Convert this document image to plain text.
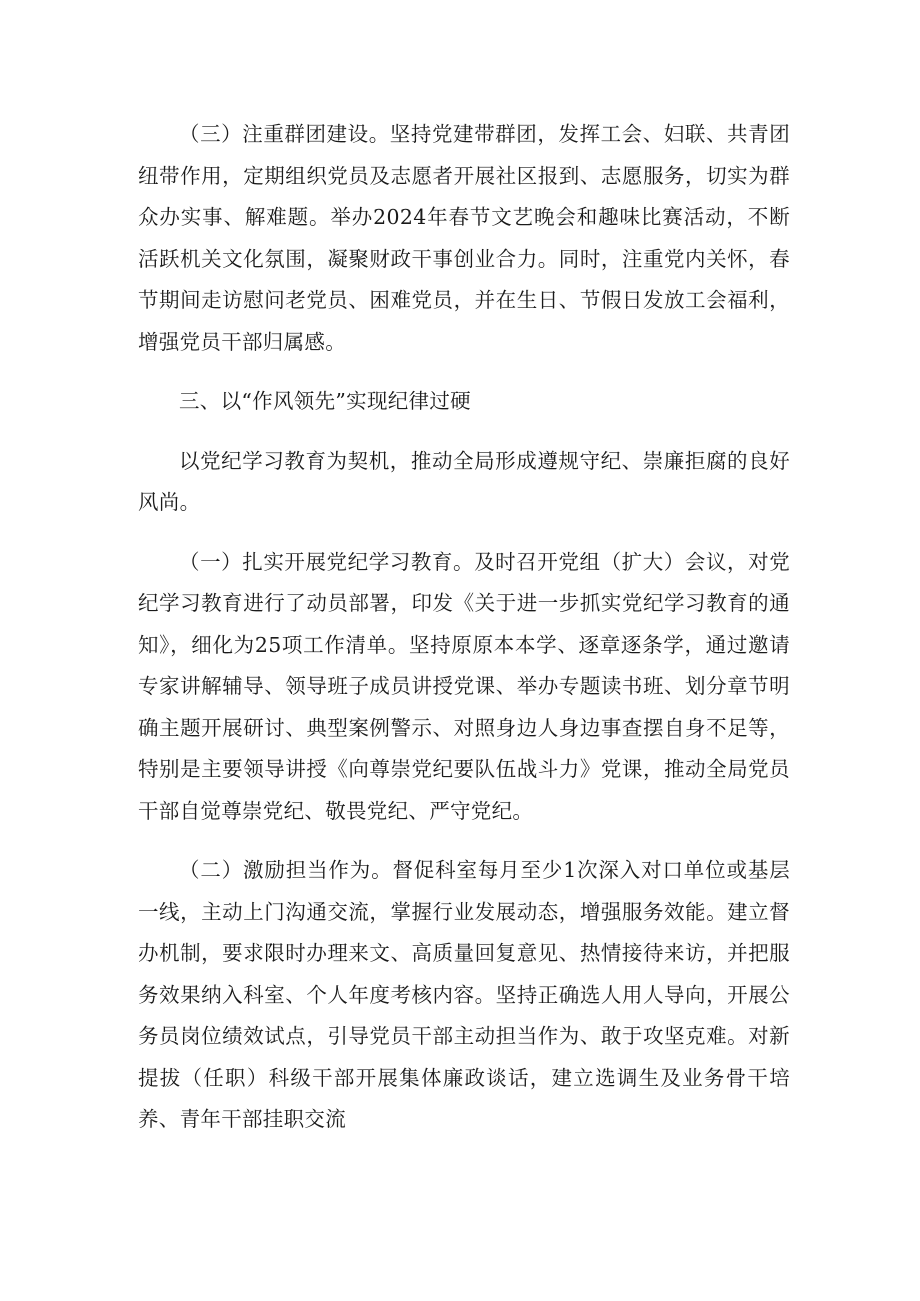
（三）注重群团建设。坚持党建带群团，发挥工会、妇联、共青团纽带作用，定期组织党员及志愿者开展社区报到、志愿服务，切实为群众办实事、解难题。举办2024年春节文艺晚会和趣味比赛活动，不断活跃机关文化氛围，凝聚财政干事创业合力。同时，注重党内关怀，春节期间走访慰问老党员、困难党员，并在生日、节假日发放工会福利，增强党员干部归属感。

三、以“作风领先”实现纪律过硬

以党纪学习教育为契机，推动全局形成遵规守纪、崇廉拒腐的良好风尚。

（一）扎实开展党纪学习教育。及时召开党组（扩大）会议，对党纪学习教育进行了动员部署，印发《关于进一步抓实党纪学习教育的通知》，细化为25项工作清单。坚持原原本本学、逐章逐条学，通过邀请专家讲解辅导、领导班子成员讲授党课、举办专题读书班、划分章节明确主题开展研讨、典型案例警示、对照身边人身边事查摆自身不足等，特别是主要领导讲授《向尊崇党纪要队伍战斗力》党课，推动全局党员干部自觉尊崇党纪、敬畏党纪、严守党纪。

（二）激励担当作为。督促科室每月至少1次深入对口单位或基层一线，主动上门沟通交流，掌握行业发展动态，增强服务效能。建立督办机制，要求限时办理来文、高质量回复意见、热情接待来访，并把服务效果纳入科室、个人年度考核内容。坚持正确选人用人导向，开展公务员岗位绩效试点，引导党员干部主动担当作为、敢于攻坚克难。对新提拔（任职）科级干部开展集体廉政谈话，建立选调生及业务骨干培养、青年干部挂职交流
